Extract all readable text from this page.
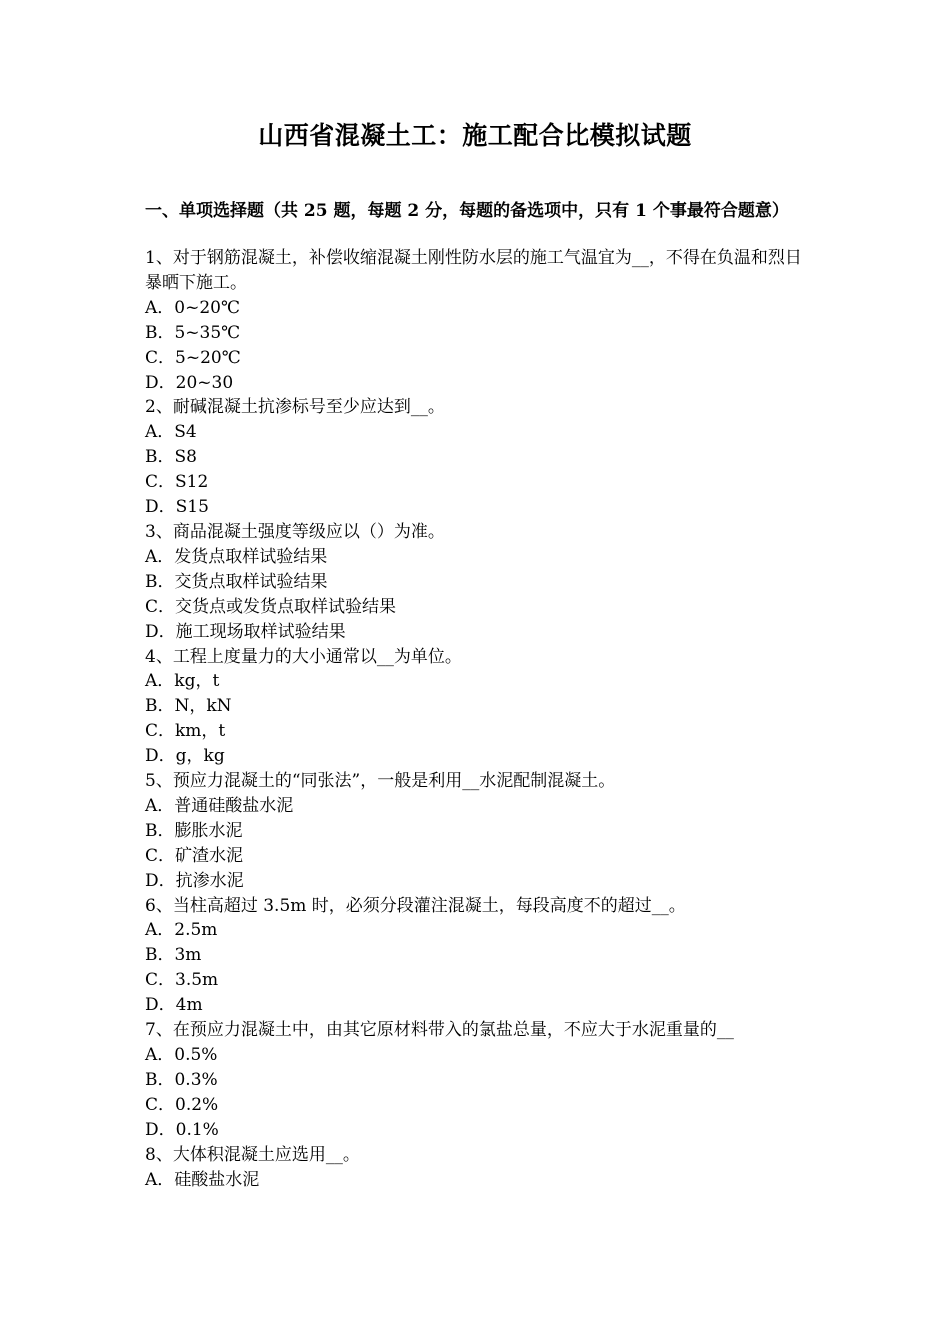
山西省混凝土工：施工配合比模拟试题
一、单项选择题（共 25 题，每题 2 分，每题的备选项中，只有 1 个事最符合题意）

1、对于钢筋混凝土，补偿收缩混凝土刚性防水层的施工气温宜为__，不得在负温和烈日暴晒下施工。

A．0~20℃

B．5~35℃

C．5~20℃

D．20~30

2、耐碱混凝土抗渗标号至少应达到__。

A．S4

B．S8

C．S12

D．S15

3、商品混凝土强度等级应以（）为准。

A．发货点取样试验结果

B．交货点取样试验结果

C．交货点或发货点取样试验结果

D．施工现场取样试验结果

4、工程上度量力的大小通常以__为单位。

A．kg，t

B．N，kN

C．km，t

D．g，kg

5、预应力混凝土的“同张法”，一般是利用__水泥配制混凝土。

A．普通硅酸盐水泥

B．膨胀水泥

C．矿渣水泥

D．抗渗水泥

6、当柱高超过 3.5m 时，必须分段灌注混凝土，每段高度不的超过__。

A．2.5m

B．3m

C．3.5m

D．4m

7、在预应力混凝土中，由其它原材料带入的氯盐总量，不应大于水泥重量的__

A．0.5%

B．0.3%

C．0.2%

D．0.1%

8、大体积混凝土应选用__。

A．硅酸盐水泥
